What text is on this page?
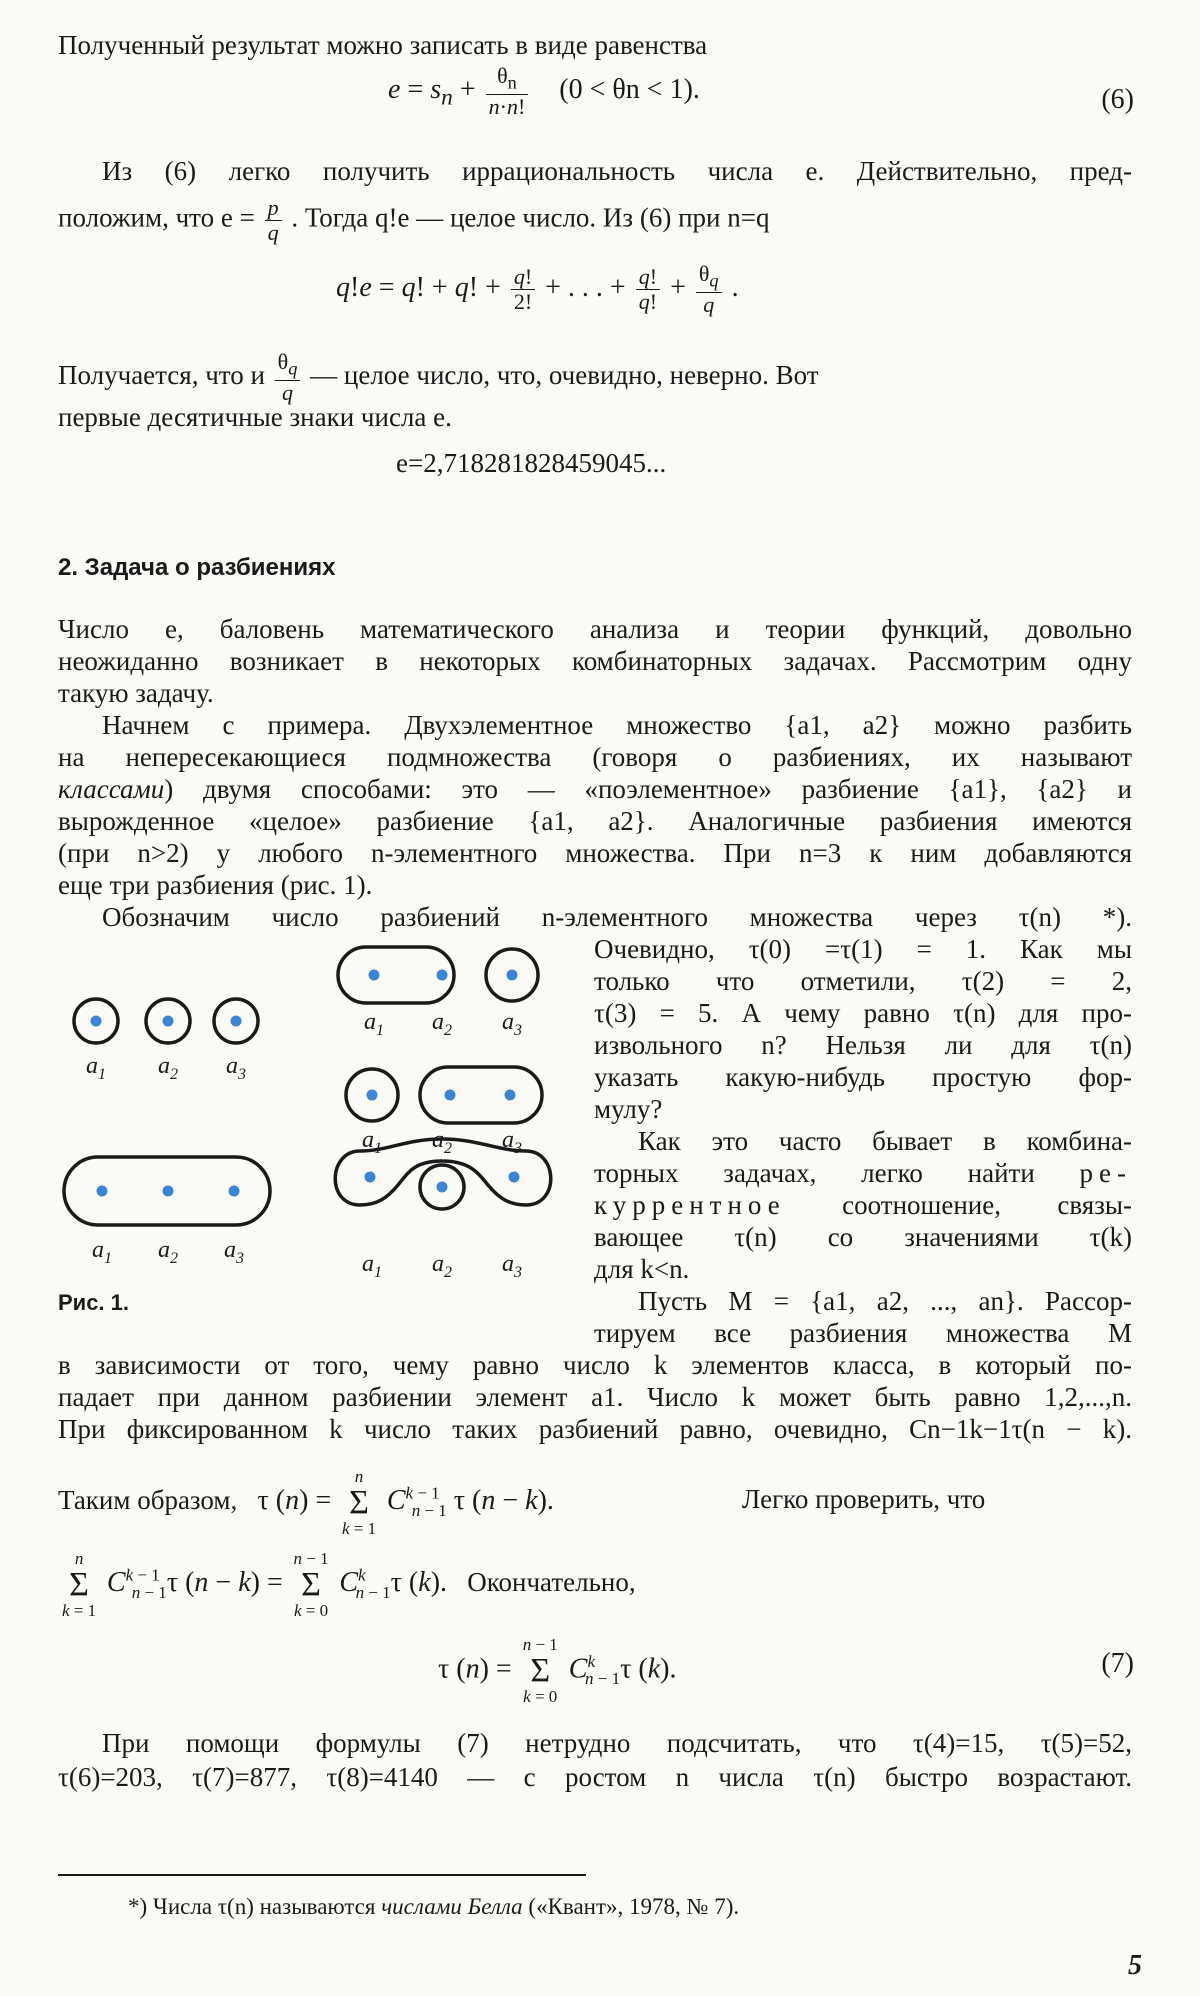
Полученный результат можно записать в виде равенства
$e = s_n + \frac{\theta_n}{n\cdot n!} (0 < \theta n < 1)$.	(6)
Из (6) легко получить иррациональность числа e. Действительно, пред-
положим, что $e = \frac{p}{q}$ . Тогда q!e — целое число. Из (6) при n=q
q!e = q! + q! + $\frac{q!}{2!}$ + . . . + $\frac{q!}{q!} + \frac{\theta_q}{q}$ .
Получается, что и $\frac{\theta_q}{q}$ — целое число, что, очевидно, неверно. Вот
первые десятичные знаки числа e.
e=2,718281828459045...
2. Задача о разбиениях
Число e, баловень математического анализа и теории функций, довольно
неожиданно возникает в некоторых комбинаторных задачах. Рассмотрим одну
такую задачу.
Начнем с примера. Двухэлементное множество {a1, a2} можно разбить
на непересекающиеся подмножества (говоря о разбиениях, их называют
классами) двумя способами: это — «поэлементное» разбиение {a1}, {a2} и
вырожденное «целое» разбиение {a1, a2}. Аналогичные разбиения имеются
(при n>2) у любого n-элементного множества. При n=3 к ним добавляются
еще три разбиения (рис. 1).
Обозначим число разбиений n-элементного множества через τ(n) *).
Очевидно, τ(0) =τ(1) = 1. Как мы
только что отметили, τ(2) = 2,
τ(3) = 5. А чему равно τ(n) для про-
извольного n? Нельзя ли для τ(n)
указать какую-нибудь простую фор-
мулу?
Как это часто бывает в комбина-
торных задачах, легко найти ре-
куррентное соотношение, связы-
вающее τ(n) со значениями τ(k)
для k<n.
Пусть M = {a1, a2, ..., an}. Рассор-
тируем все разбиения множества M
$a_1$ $a_2$ $a_3$
$a_1$ $a_2$ $a_3$
$a_1$ $a_2$ $a_3$
$a_1$ $a_2$ $a_3$
$a_1$ $a_2$ $a_3$
Рис. 1.
в зависимости от того, чему равно число k элементов класса, в который по-
падает при данном разбиении элемент a1. Число k может быть равно 1,2,...,n.
При фиксированном k число таких разбиений равно, очевидно, Cn−1k−1τ(n − k).
Таким образом, τ (n) =
n
Σ
k = 1
$C^{k - 1}_{n - 1}$ τ (n − k).	Легко проверить, что
n
Σ
k = 1
$C^{k - 1}_{n - 1}\tau$ (n − k) =
n − 1
Σ
k = 0
$C^k_{n - 1}\tau$ (k). Окончательно,
τ (n) =
n − 1
Σ
k = 0
$C^k_{n - 1}\tau$ (k).	(7)
При помощи формулы (7) нетрудно подсчитать, что τ(4)=15, τ(5)=52,
τ(6)=203, τ(7)=877, τ(8)=4140 — с ростом n числа τ(n) быстро возрастают.
*) Числа τ(n) называются числами Белла («Квант», 1978, № 7).
5
